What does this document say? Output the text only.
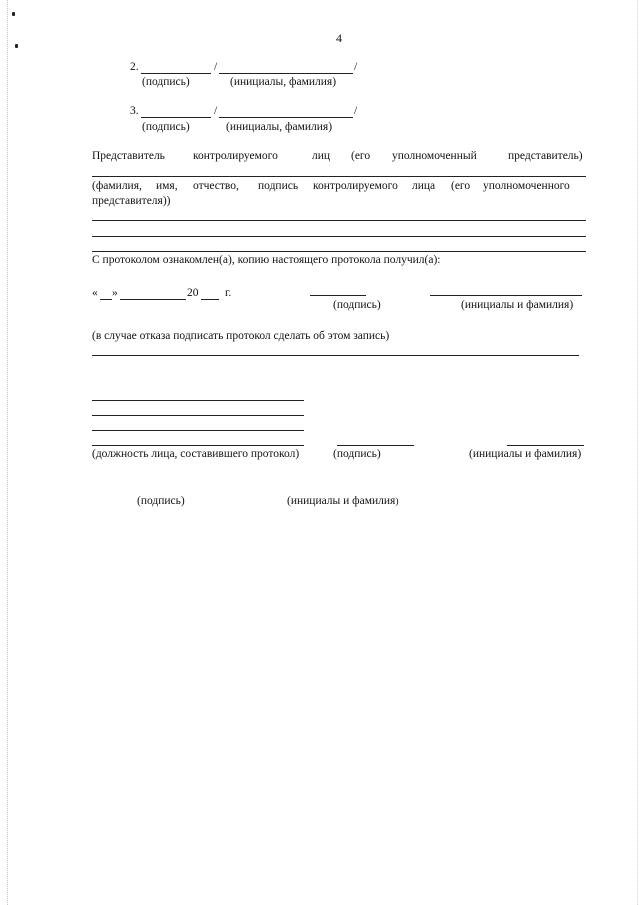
4
2.	/	/
(подпись)	(инициалы, фамилия)
3.	/	/
(подпись)	(инициалы, фамилия)
Представитель контролируемого	лиц (его уполномоченный	представитель)
(фамилия, имя, отчество, подпись контролируемого лица (его уполномоченного
представителя))
С протоколом ознакомлен(а), копию настоящего протокола получил(а):
« »	20 г.
(подпись)	(инициалы и фамилия)
(в случае отказа подписать протокол сделать об этом запись)
(должность лица, составившего протокол)	(подпись)	(инициалы и фамилия)
(подпись)	(инициалы и фамилия)
